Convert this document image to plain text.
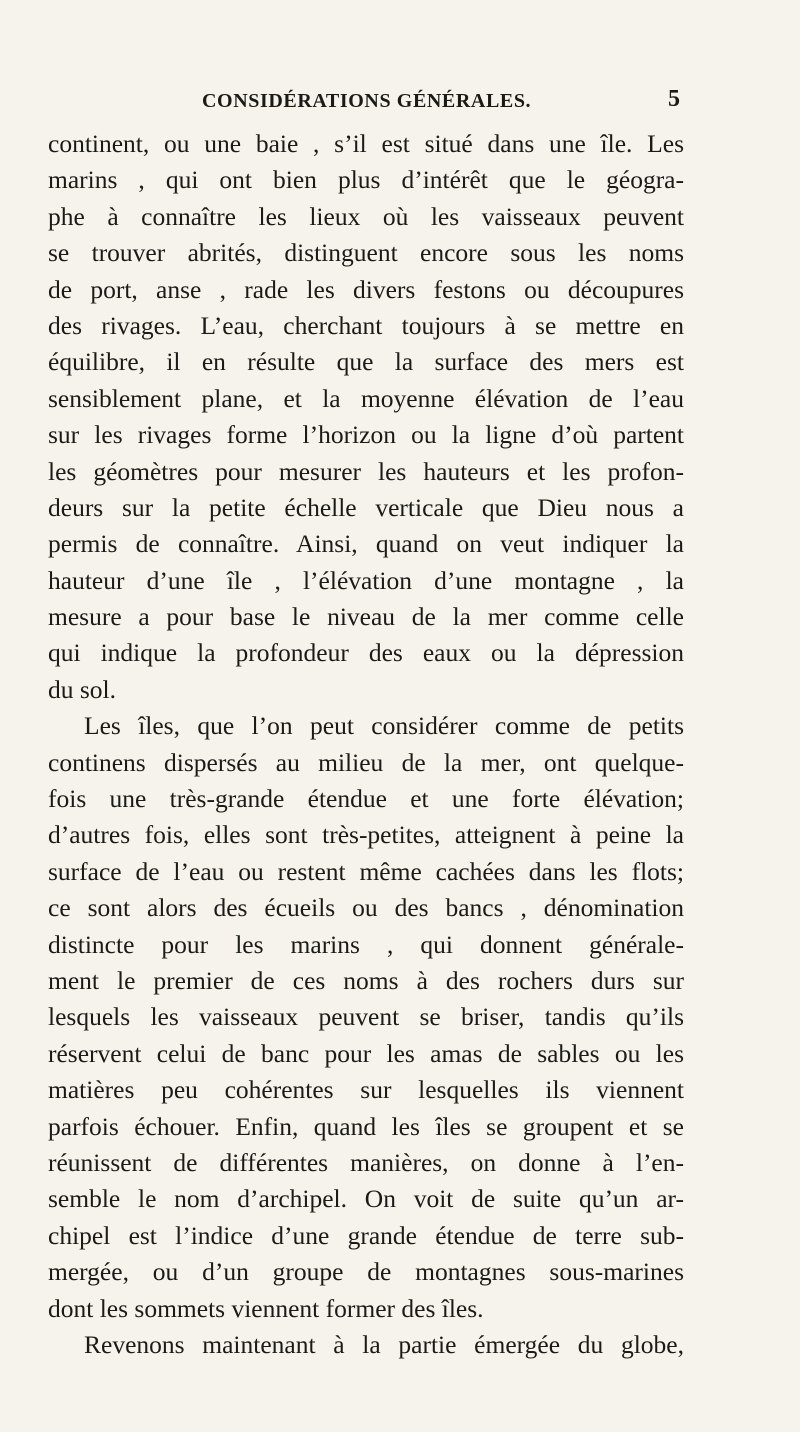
CONSIDÉRATIONS GÉNÉRALES.	5
continent, ou une baie , s’il est situé dans une île. Les
marins , qui ont bien plus d’intérêt que le géogra-
phe à connaître les lieux où les vaisseaux peuvent
se trouver abrités, distinguent encore sous les noms
de port, anse , rade les divers festons ou découpures
des rivages. L’eau, cherchant toujours à se mettre en
équilibre, il en résulte que la surface des mers est
sensiblement plane, et la moyenne élévation de l’eau
sur les rivages forme l’horizon ou la ligne d’où partent
les géomètres pour mesurer les hauteurs et les profon-
deurs sur la petite échelle verticale que Dieu nous a
permis de connaître. Ainsi, quand on veut indiquer la
hauteur d’une île , l’élévation d’une montagne , la
mesure a pour base le niveau de la mer comme celle
qui indique la profondeur des eaux ou la dépression
du sol.
Les îles, que l’on peut considérer comme de petits
continens dispersés au milieu de la mer, ont quelque-
fois une très-grande étendue et une forte élévation;
d’autres fois, elles sont très-petites, atteignent à peine la
surface de l’eau ou restent même cachées dans les flots;
ce sont alors des écueils ou des bancs , dénomination
distincte pour les marins , qui donnent générale-
ment le premier de ces noms à des rochers durs sur
lesquels les vaisseaux peuvent se briser, tandis qu’ils
réservent celui de banc pour les amas de sables ou les
matières peu cohérentes sur lesquelles ils viennent
parfois échouer. Enfin, quand les îles se groupent et se
réunissent de différentes manières, on donne à l’en-
semble le nom d’archipel. On voit de suite qu’un ar-
chipel est l’indice d’une grande étendue de terre sub-
mergée, ou d’un groupe de montagnes sous-marines
dont les sommets viennent former des îles.
Revenons maintenant à la partie émergée du globe,
